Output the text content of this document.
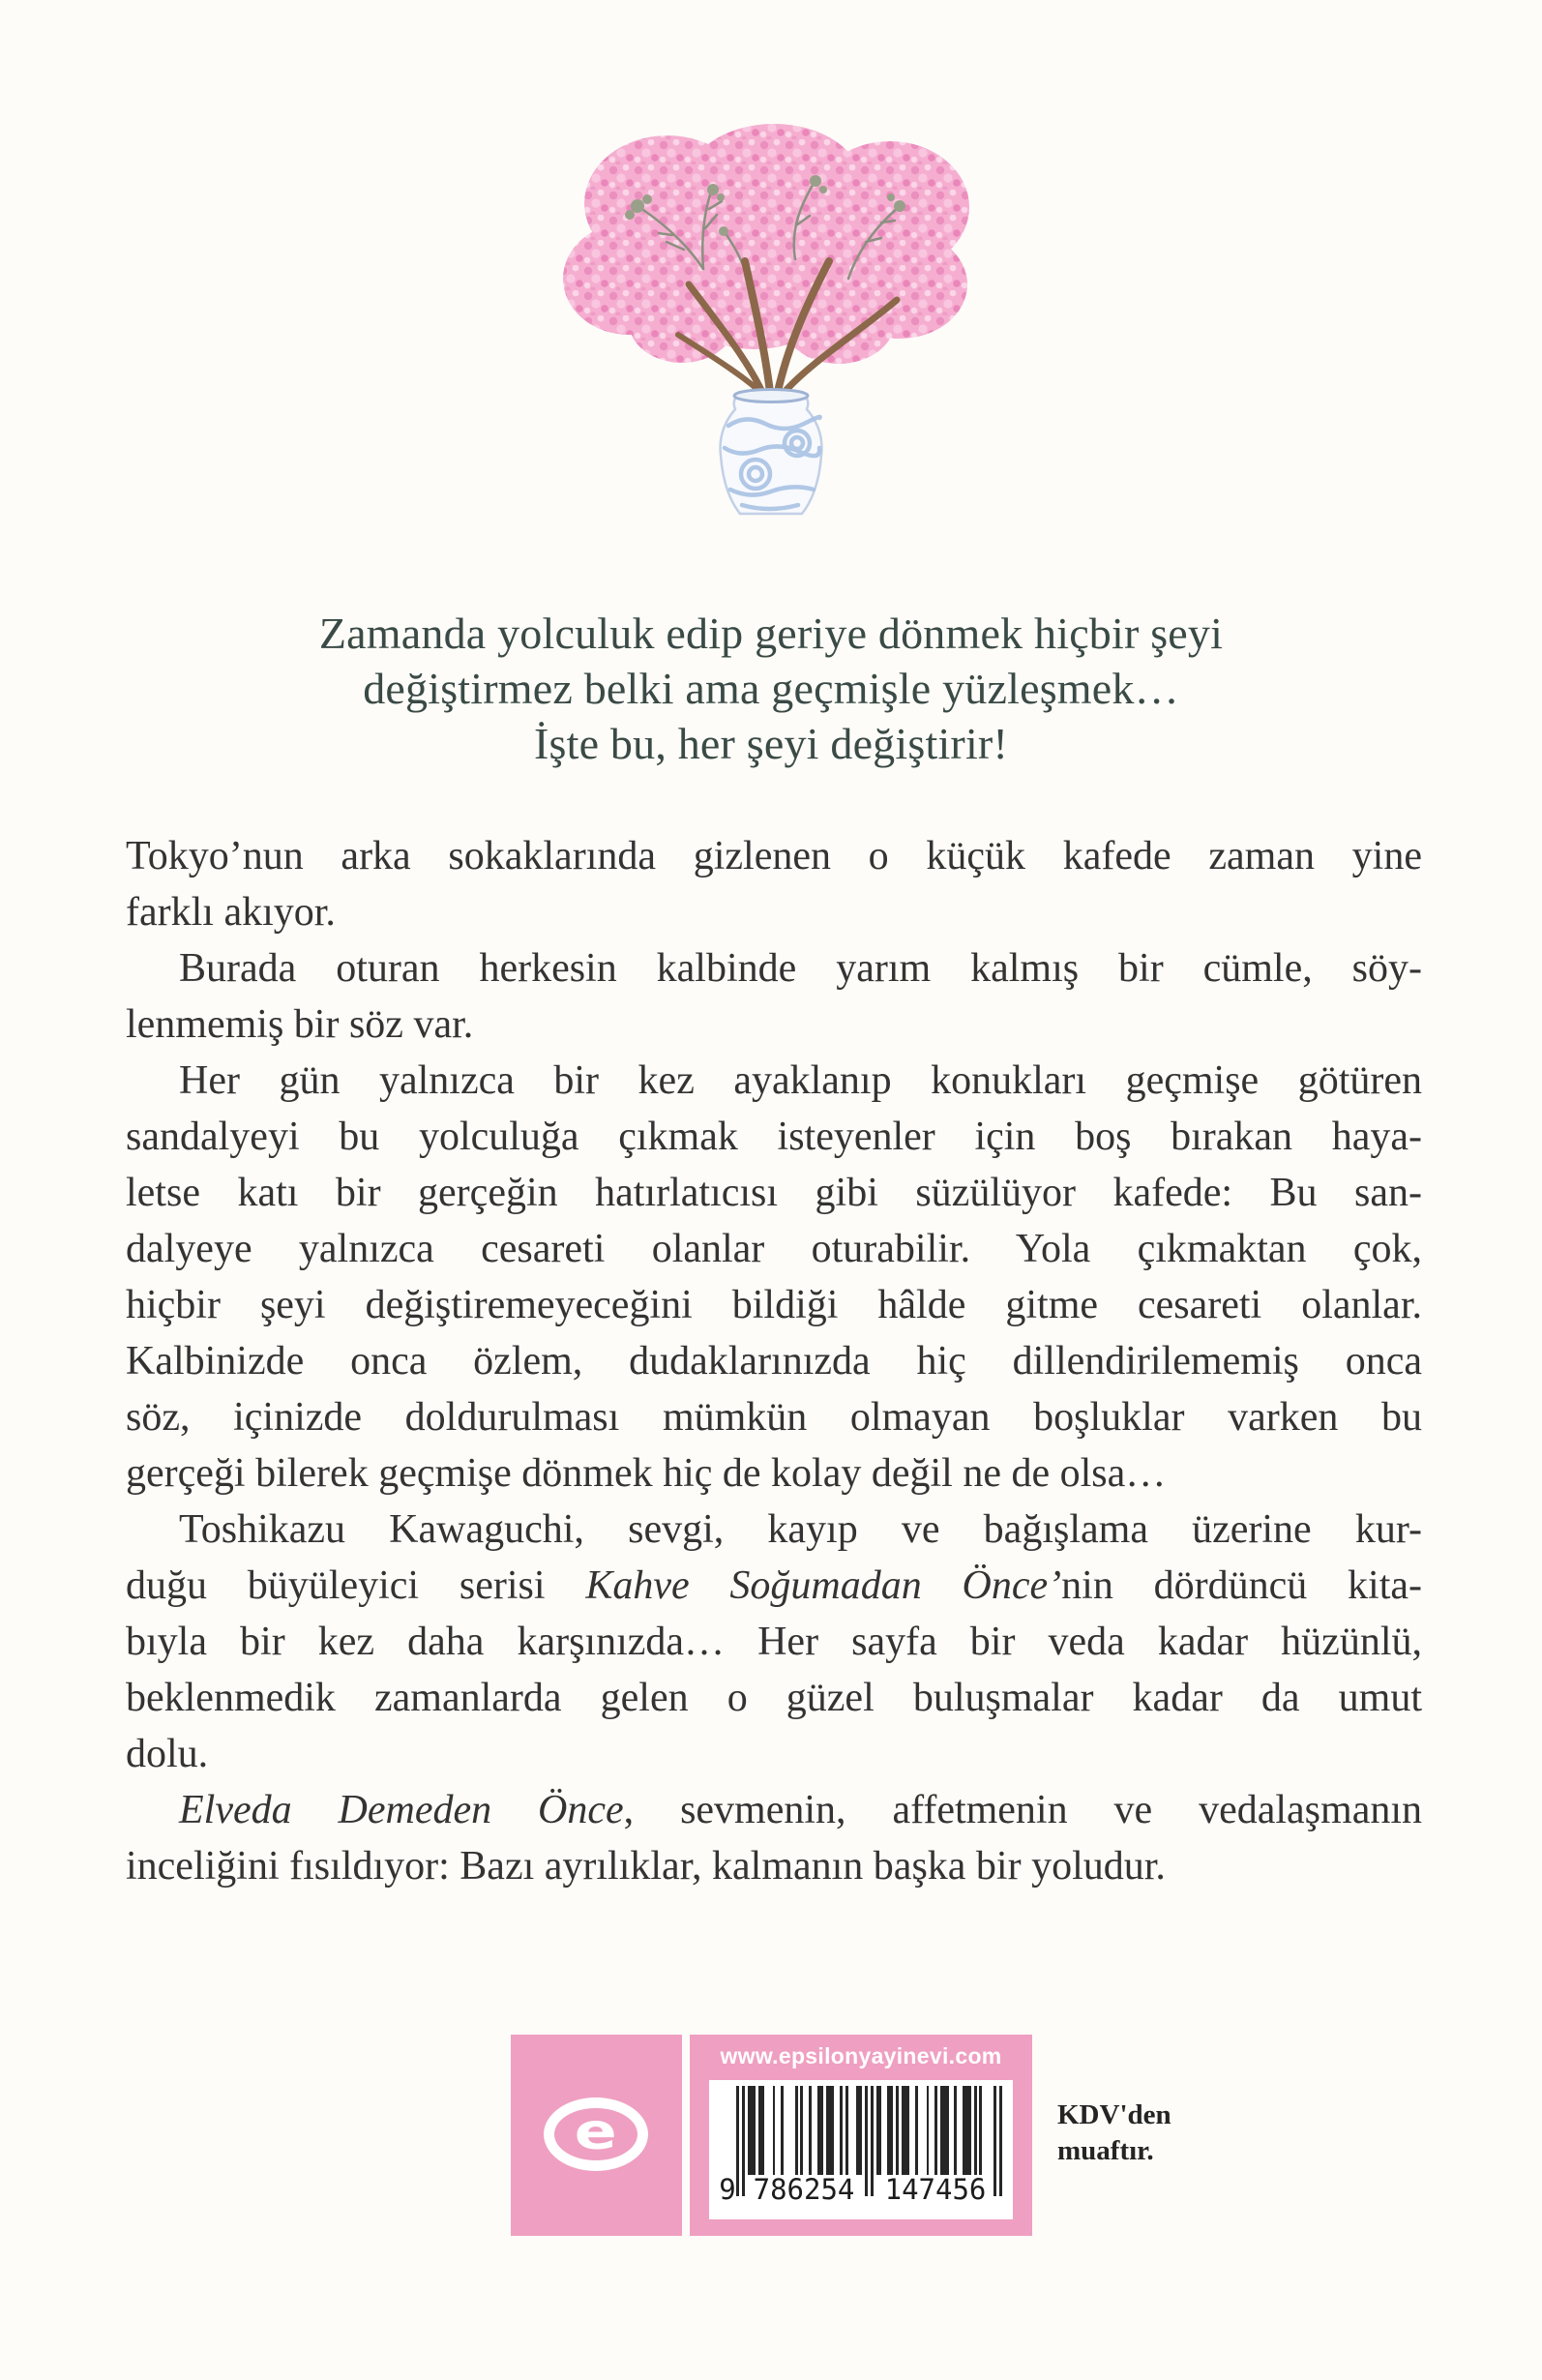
Zamanda yolculuk edip geriye dönmek hiçbir şeyi
değiştirmez belki ama geçmişle yüzleşmek…
İşte bu, her şeyi değiştirir!
Tokyo’nun arka sokaklarında gizlenen o küçük kafede zaman yine
farklı akıyor.
Burada oturan herkesin kalbinde yarım kalmış bir cümle, söy-
lenmemiş bir söz var.
Her gün yalnızca bir kez ayaklanıp konukları geçmişe götüren
sandalyeyi bu yolculuğa çıkmak isteyenler için boş bırakan haya-
letse katı bir gerçeğin hatırlatıcısı gibi süzülüyor kafede: Bu san-
dalyeye yalnızca cesareti olanlar oturabilir. Yola çıkmaktan çok,
hiçbir şeyi değiştiremeyeceğini bildiği hâlde gitme cesareti olanlar.
Kalbinizde onca özlem, dudaklarınızda hiç dillendirilememiş onca
söz, içinizde doldurulması mümkün olmayan boşluklar varken bu
gerçeği bilerek geçmişe dönmek hiç de kolay değil ne de olsa…
Toshikazu Kawaguchi, sevgi, kayıp ve bağışlama üzerine kur-
duğu büyüleyici serisi Kahve Soğumadan Önce’nin dördüncü kita-
bıyla bir kez daha karşınızda… Her sayfa bir veda kadar hüzünlü,
beklenmedik zamanlarda gelen o güzel buluşmalar kadar da umut
dolu.
Elveda Demeden Önce, sevmenin, affetmenin ve vedalaşmanın
inceliğini fısıldıyor: Bazı ayrılıklar, kalmanın başka bir yoludur.
e
www.epsilonyayinevi.com
9 786254 147456
KDV'den
muaftır.
